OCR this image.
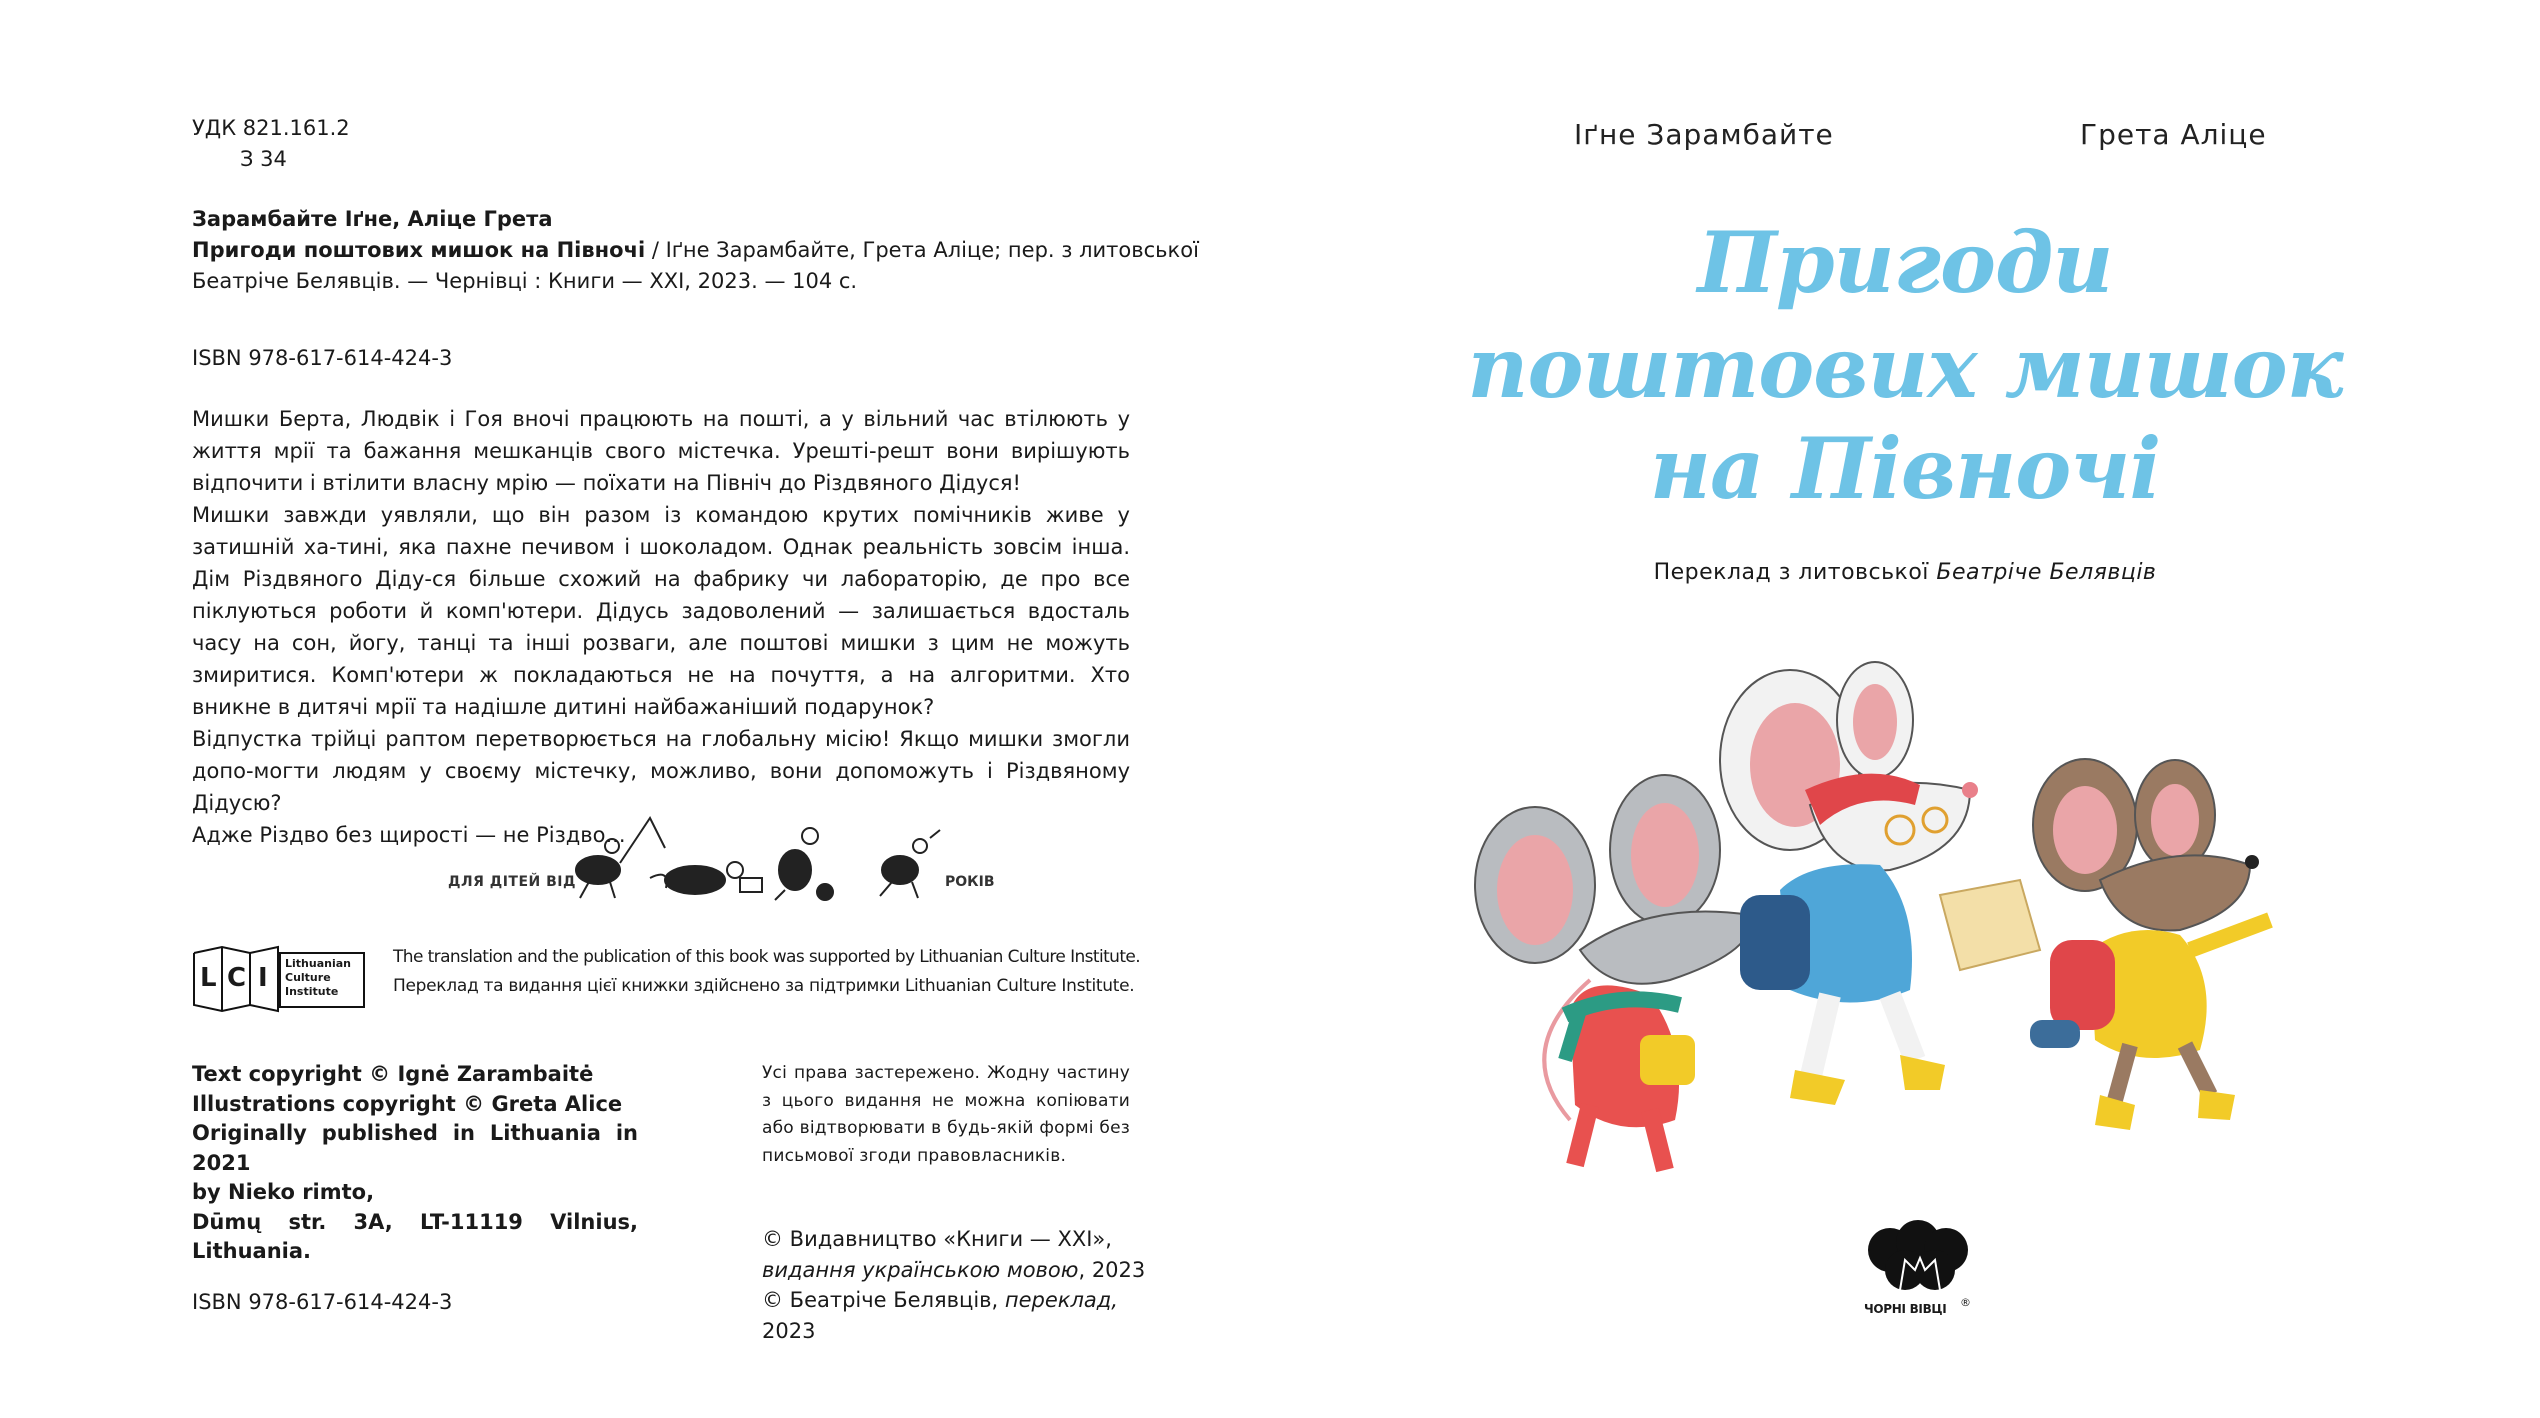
УДК 821.161.2
З 34
Зарамбайте Іґне, Аліце Грета
Пригоди поштових мишок на Півночі / Іґне Зарамбайте, Грета Аліце; пер. з литовської
Беатріче Белявців. — Чернівці : Книги — ХХІ, 2023. — 104 с.
ISBN 978-617-614-424-3
Мишки Берта, Людвік і Гоя вночі працюють на пошті, а у вільний час втілюють у життя мрії та бажання мешканців свого містечка. Урешті-решт вони вирішують відпочити і втілити власну мрію — поїхати на Північ до Різдвяного Дідуся!
Мишки завжди уявляли, що він разом із командою крутих помічників живе у затишній ха-тині, яка пахне печивом і шоколадом. Однак реальність зовсім інша. Дім Різдвяного Діду-ся більше схожий на фабрику чи лабораторію, де про все піклуються роботи й комп'ютери. Дідусь задоволений — залишається вдосталь часу на сон, йогу, танці та інші розваги, але поштові мишки з цим не можуть змиритися. Комп'ютери ж покладаються не на почуття, а на алгоритми. Хто вникне в дитячі мрії та надішле дитині найбажаніший подарунок?
Відпустка трійці раптом перетворюється на глобальну місію! Якщо мишки змогли допо-могти людям у своєму містечку, можливо, вони допоможуть і Різдвяному Дідусю?
Адже Різдво без щирості — не Різдво...
ДЛЯ ДІТЕЙ ВІД	РОКІВ
L C I Lithuanian
Culture
Institute
The translation and the publication of this book was supported by Lithuanian Culture Institute.
Переклад та видання цієї книжки здійснено за підтримки Lithuanian Culture Institute.
Text copyright © Ignė Zarambaitė
Illustrations copyright © Greta Alice
Originally published in Lithuania in 2021
by Nieko rimto,
Dūmų str. 3A, LT-11119 Vilnius, Lithuania.
Усі права застережено. Жодну частину з цього видання не можна копіювати або відтворювати в будь-якій формі без письмової згоди правовласників.
© Видавництво «Книги — XXI»,
видання українською мовою, 2023
© Беатріче Белявців, переклад, 2023
ISBN 978-617-614-424-3
Іґне Зарамбайте	Грета Аліце
Пригоди
поштових мишок
на Півночі
Переклад з литовської Беатріче Белявців
ЧОРНІ ВІВЦІ ®
